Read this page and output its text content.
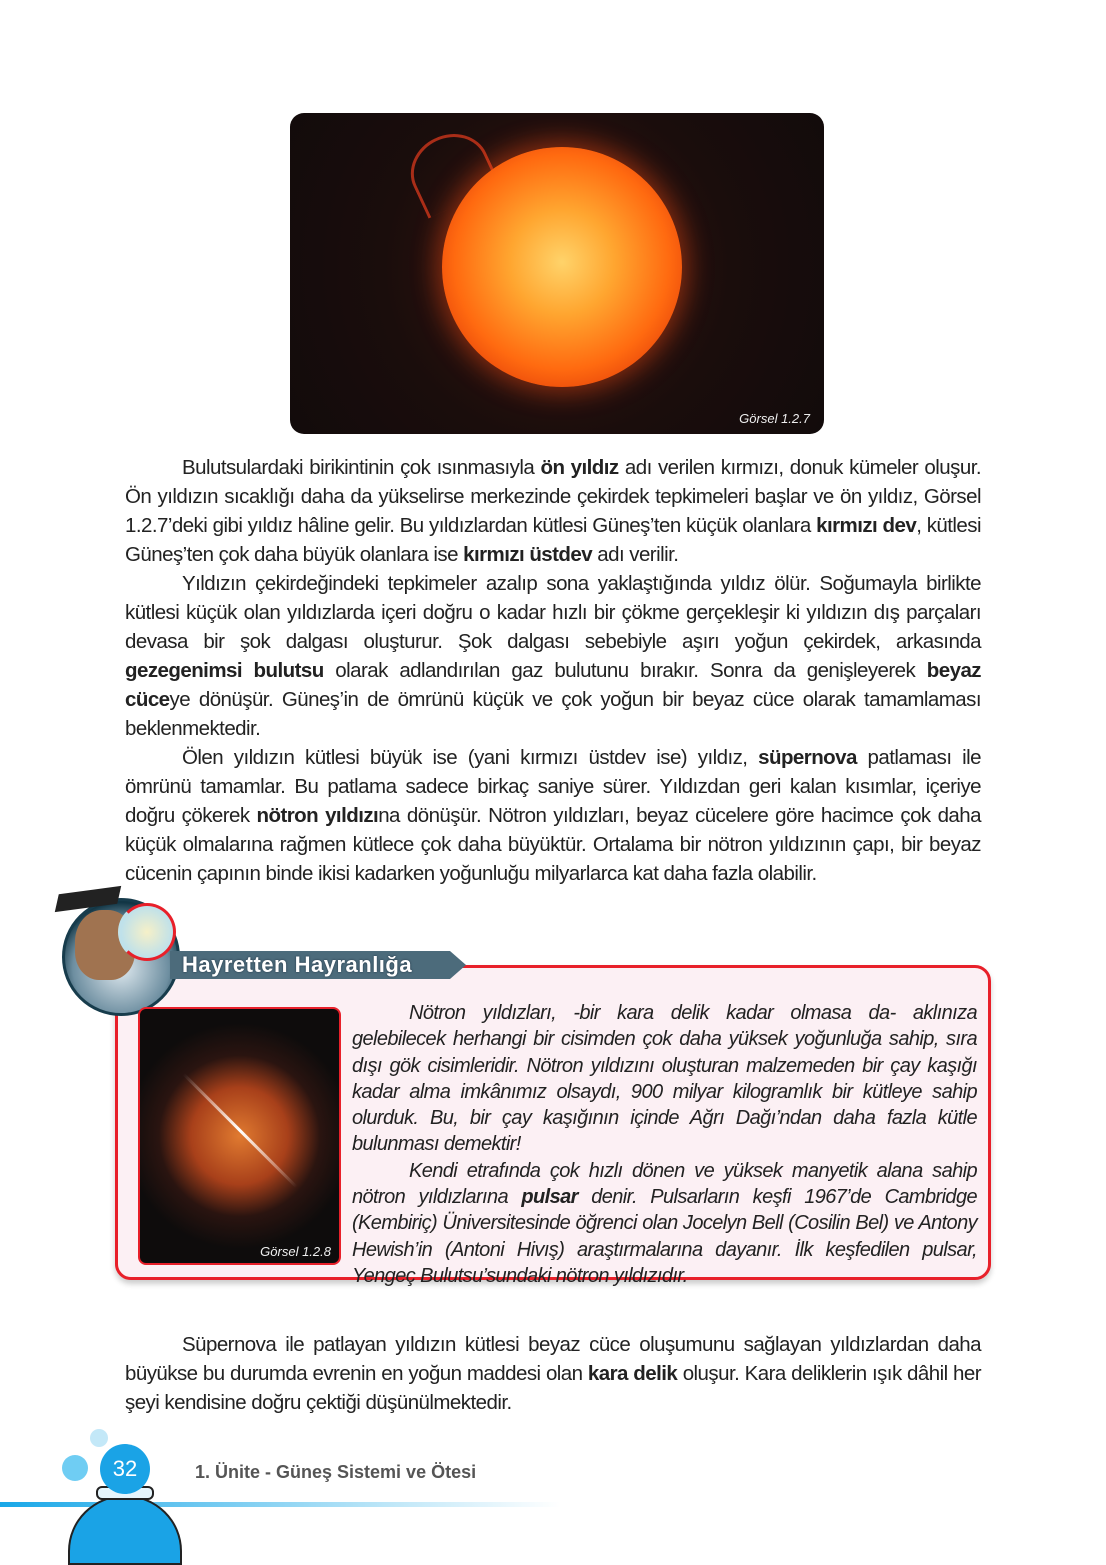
Görsel 1.2.7

Bulutsulardaki birikintinin çok ısınmasıyla ön yıldız adı verilen kırmızı, donuk kümeler oluşur. Ön yıldızın sıcaklığı daha da yükselirse merkezinde çekirdek tepkimeleri başlar ve ön yıldız, Görsel 1.2.7’deki gibi yıldız hâline gelir. Bu yıldızlardan kütlesi Güneş’ten küçük olanlara kırmızı dev, kütlesi Güneş’ten çok daha büyük olanlara ise kırmızı üstdev adı verilir.

Yıldızın çekirdeğindeki tepkimeler azalıp sona yaklaştığında yıldız ölür. Soğumayla birlikte kütlesi küçük olan yıldızlarda içeri doğru o kadar hızlı bir çökme gerçekleşir ki yıldızın dış parçaları devasa bir şok dalgası oluşturur. Şok dalgası sebebiyle aşırı yoğun çekirdek, arkasında gezegenimsi bulutsu olarak adlandırılan gaz bulutunu bırakır. Sonra da genişleyerek beyaz cüceye dönüşür. Güneş’in de ömrünü küçük ve çok yoğun bir beyaz cüce olarak tamamlaması beklenmektedir.

Ölen yıldızın kütlesi büyük ise (yani kırmızı üstdev ise) yıldız, süpernova patlaması ile ömrünü tamamlar. Bu patlama sadece birkaç saniye sürer. Yıldızdan geri kalan kısımlar, içeriye doğru çökerek nötron yıldızına dönüşür. Nötron yıldızları, beyaz cücelere göre hacimce çok daha küçük olmalarına rağmen kütlece çok daha büyüktür. Ortalama bir nötron yıldızının çapı, bir beyaz cücenin çapının binde ikisi kadarken yoğunluğu milyarlarca kat daha fazla olabilir.

Hayretten Hayranlığa
Görsel 1.2.8

Nötron yıldızları, -bir kara delik kadar olmasa da- aklınıza gelebilecek herhangi bir cisimden çok daha yüksek yoğunluğa sahip, sıra dışı gök cisimleridir. Nötron yıldızını oluşturan malzemeden bir çay kaşığı kadar alma imkânımız olsaydı, 900 milyar kilogramlık bir kütleye sahip olurduk. Bu, bir çay kaşığının içinde Ağrı Dağı’ndan daha fazla kütle bulunması demektir!

Kendi etrafında çok hızlı dönen ve yüksek manyetik alana sahip nötron yıldızlarına pulsar denir. Pulsarların keşfi 1967’de Cambridge (Kembiriç) Üniversitesinde öğrenci olan Jocelyn Bell (Cosilin Bel) ve Antony Hewish’in (Antoni Hivış) araştırmalarına dayanır. İlk keşfedilen pulsar, Yengeç Bulutsu’sundaki nötron yıldızıdır.

Süpernova ile patlayan yıldızın kütlesi beyaz cüce oluşumunu sağlayan yıldızlardan daha büyükse bu durumda evrenin en yoğun maddesi olan kara delik oluşur. Kara deliklerin ışık dâhil her şeyi kendisine doğru çektiği düşünülmektedir.

32	1. Ünite - Güneş Sistemi ve Ötesi
